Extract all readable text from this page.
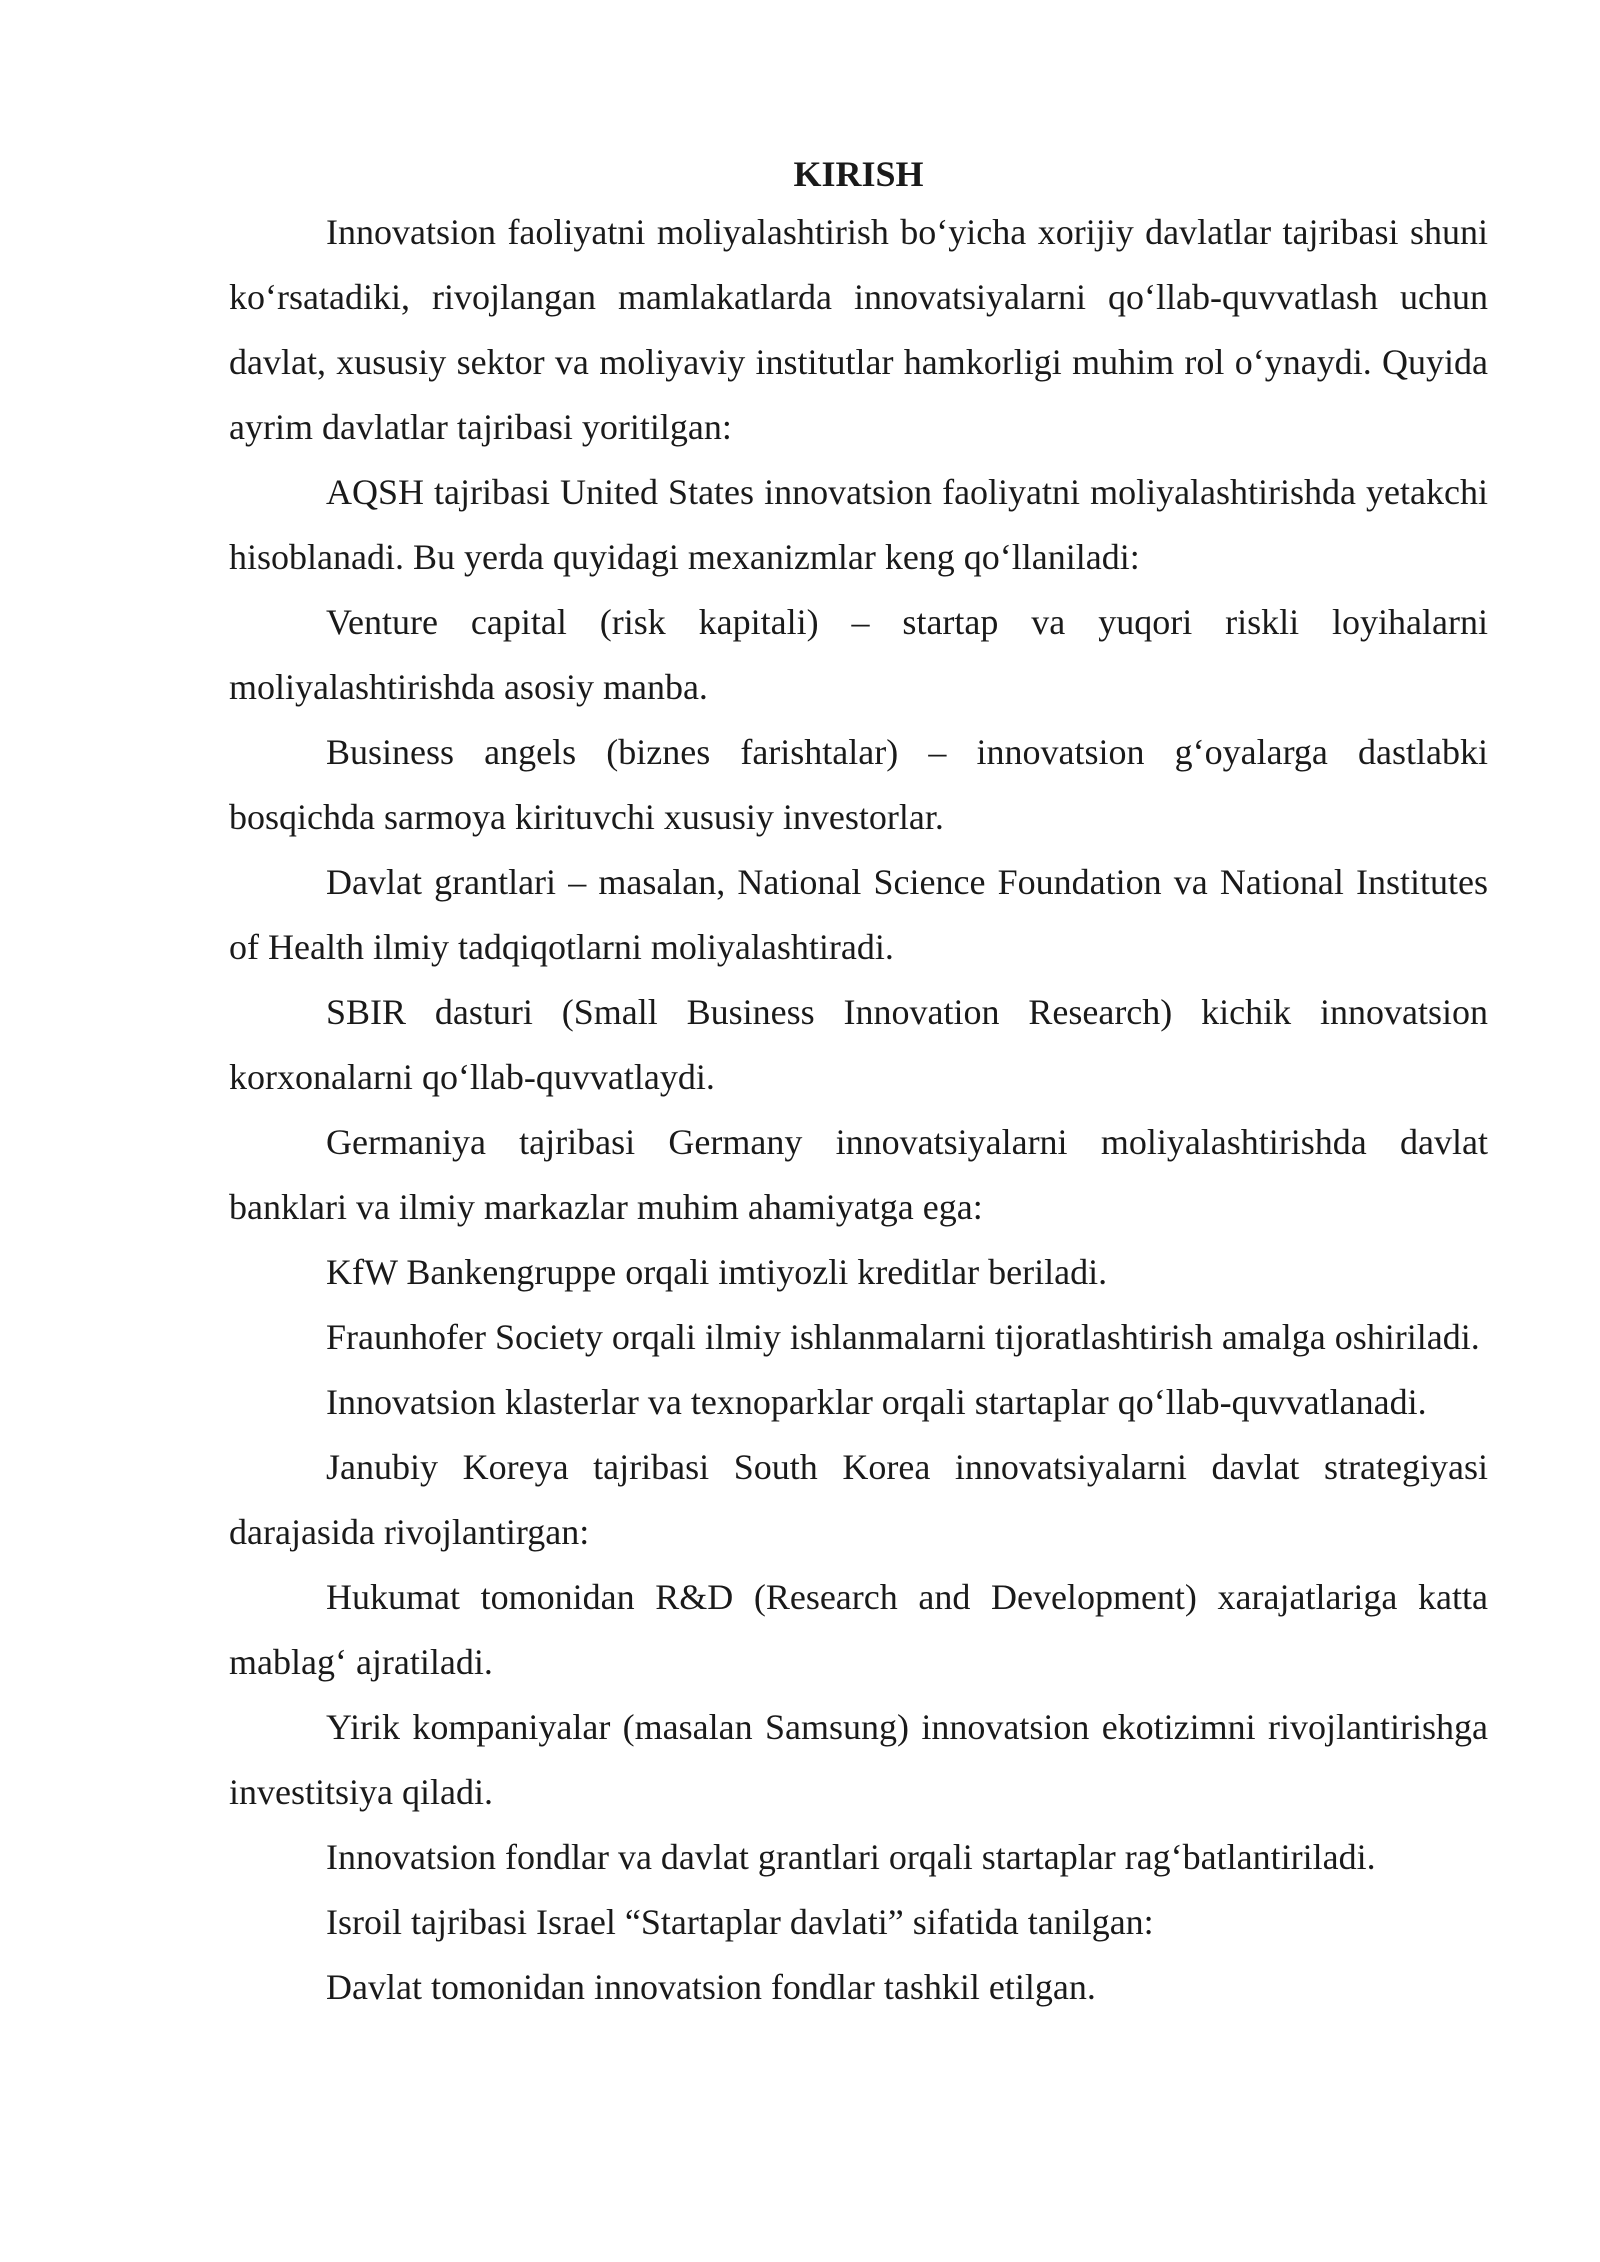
KIRISH

Innovatsion faoliyatni moliyalashtirish bo‘yicha xorijiy davlatlar tajribasi shuni ko‘rsatadiki, rivojlangan mamlakatlarda innovatsiyalarni qo‘llab-quvvatlash uchun davlat, xususiy sektor va moliyaviy institutlar hamkorligi muhim rol o‘ynaydi. Quyida ayrim davlatlar tajribasi yoritilgan:

AQSH tajribasi United States innovatsion faoliyatni moliyalashtirishda yetakchi hisoblanadi. Bu yerda quyidagi mexanizmlar keng qo‘llaniladi:

Venture capital (risk kapitali) – startap va yuqori riskli loyihalarni moliyalashtirishda asosiy manba.

Business angels (biznes farishtalar) – innovatsion g‘oyalarga dastlabki bosqichda sarmoya kirituvchi xususiy investorlar.

Davlat grantlari – masalan, National Science Foundation va National Institutes of Health ilmiy tadqiqotlarni moliyalashtiradi.

SBIR dasturi (Small Business Innovation Research) kichik innovatsion korxonalarni qo‘llab-quvvatlaydi.

Germaniya tajribasi Germany innovatsiyalarni moliyalashtirishda davlat banklari va ilmiy markazlar muhim ahamiyatga ega:

KfW Bankengruppe orqali imtiyozli kreditlar beriladi.

Fraunhofer Society orqali ilmiy ishlanmalarni tijoratlashtirish amalga oshiriladi.

Innovatsion klasterlar va texnoparklar orqali startaplar qo‘llab-quvvatlanadi.

Janubiy Koreya tajribasi South Korea innovatsiyalarni davlat strategiyasi darajasida rivojlantirgan:

Hukumat tomonidan R&D (Research and Development) xarajatlariga katta mablag‘ ajratiladi.

Yirik kompaniyalar (masalan Samsung) innovatsion ekotizimni rivojlantirishga investitsiya qiladi.

Innovatsion fondlar va davlat grantlari orqali startaplar rag‘batlantiriladi.

Isroil tajribasi Israel “Startaplar davlati” sifatida tanilgan:

Davlat tomonidan innovatsion fondlar tashkil etilgan.
